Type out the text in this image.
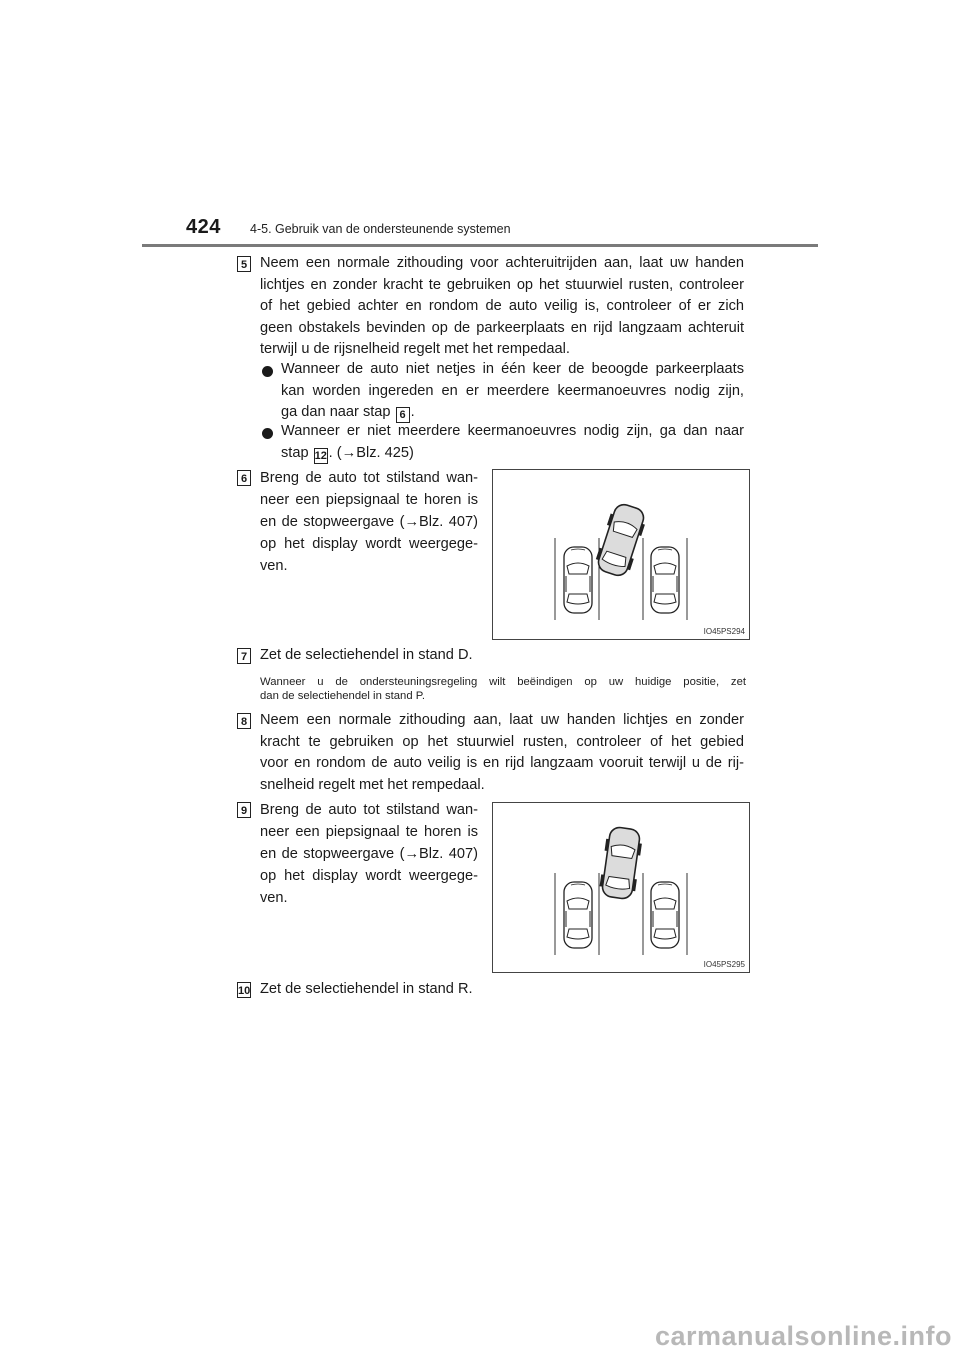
424 4-5. Gebruik van de ondersteunende systemen
5 Neem een normale zithouding voor achteruitrijden aan, laat uw handen
lichtjes en zonder kracht te gebruiken op het stuurwiel rusten, controleer
of het gebied achter en rondom de auto veilig is, controleer of er zich
geen obstakels bevinden op de parkeerplaats en rijd langzaam achteruit
terwijl u de rijsnelheid regelt met het rempedaal.
Wanneer de auto niet netjes in één keer de beoogde parkeerplaats
kan worden ingereden en er meerdere keermanoeuvres nodig zijn,
ga dan naar stap 6 .
Wanneer er niet meerdere keermanoeuvres nodig zijn, ga dan naar
stap 12 . (→Blz. 425)
6 Breng de auto tot stilstand wan-
neer een piepsignaal te horen is
en de stopweergave (→Blz. 407)
op het display wordt weergege-
ven.
IO45PS294
7 Zet de selectiehendel in stand D.
Wanneer u de ondersteuningsregeling wilt beëindigen op uw huidige positie, zet
dan de selectiehendel in stand P.
8 Neem een normale zithouding aan, laat uw handen lichtjes en zonder
kracht te gebruiken op het stuurwiel rusten, controleer of het gebied
voor en rondom de auto veilig is en rijd langzaam vooruit terwijl u de rij-
snelheid regelt met het rempedaal.
9 Breng de auto tot stilstand wan-
neer een piepsignaal te horen is
en de stopweergave (→Blz. 407)
op het display wordt weergege-
ven.
IO45PS295
10 Zet de selectiehendel in stand R.
carmanualsonline.info
